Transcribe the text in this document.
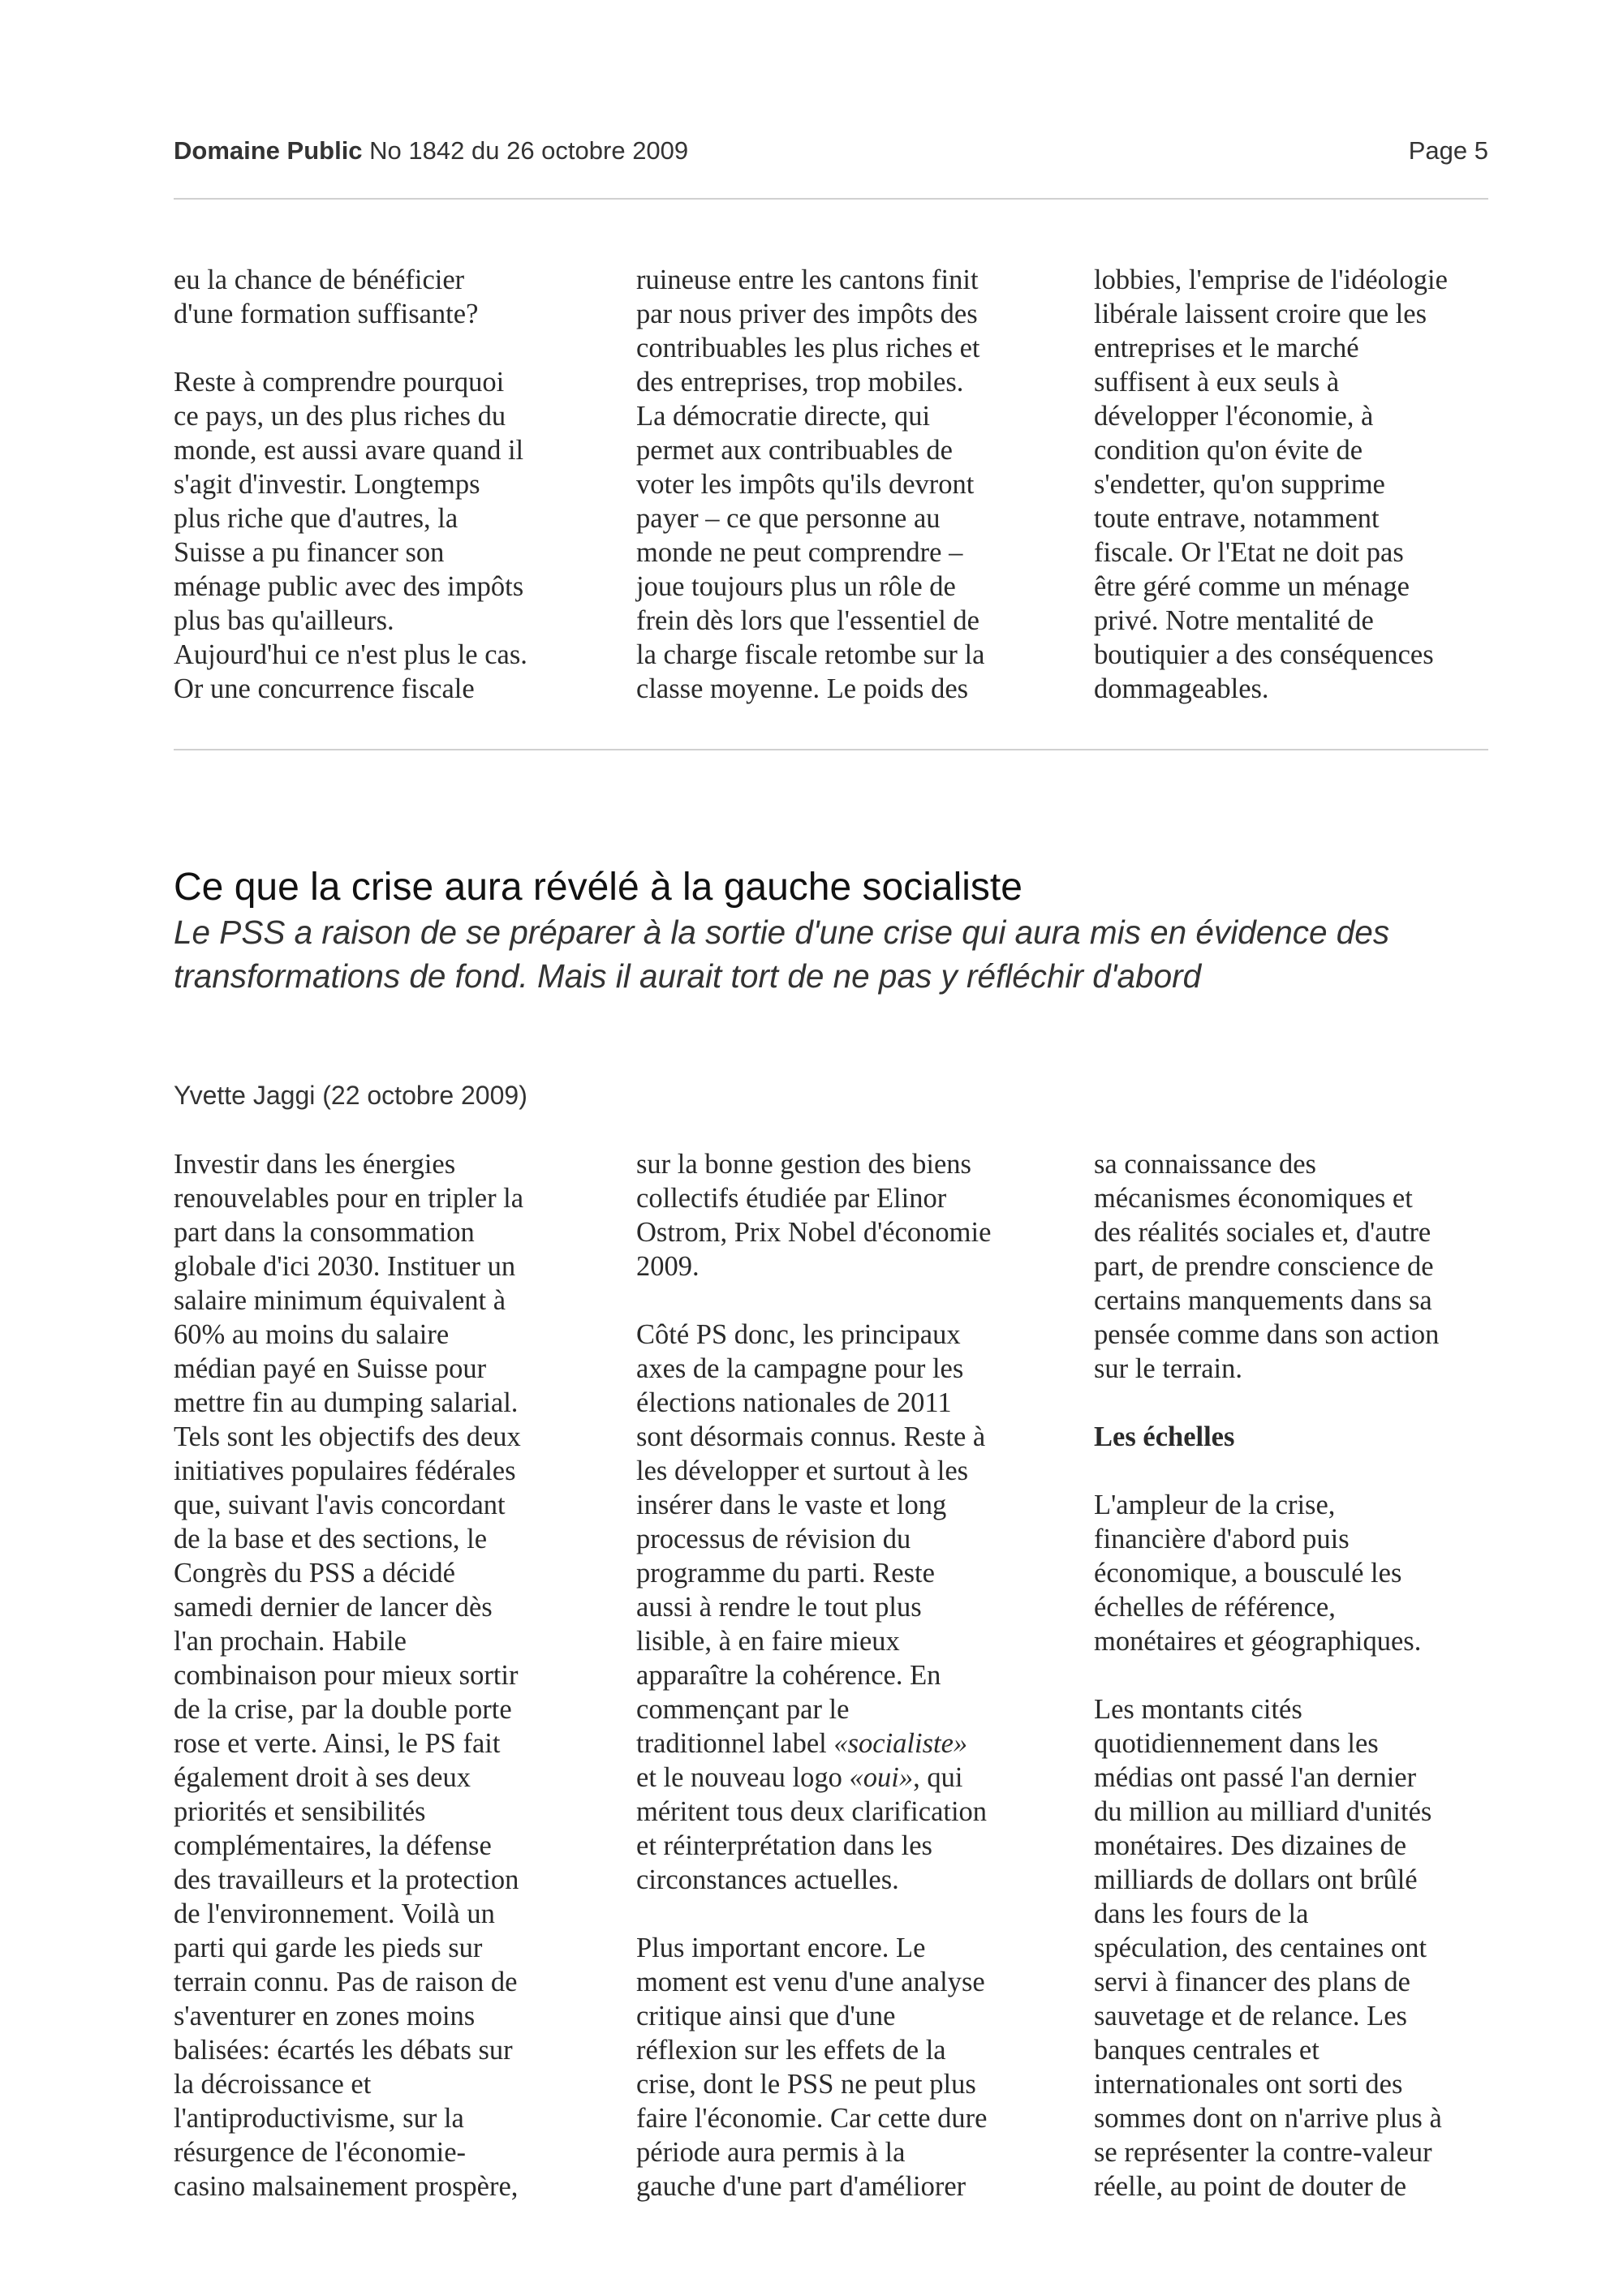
Domaine Public No 1842 du 26 octobre 2009	Page 5

eu la chance de bénéficier
d'une formation suffisante?

Reste à comprendre pourquoi
ce pays, un des plus riches du
monde, est aussi avare quand il
s'agit d'investir. Longtemps
plus riche que d'autres, la
Suisse a pu financer son
ménage public avec des impôts
plus bas qu'ailleurs.
Aujourd'hui ce n'est plus le cas.
Or une concurrence fiscale

ruineuse entre les cantons finit
par nous priver des impôts des
contribuables les plus riches et
des entreprises, trop mobiles.
La démocratie directe, qui
permet aux contribuables de
voter les impôts qu'ils devront
payer – ce que personne au
monde ne peut comprendre –
joue toujours plus un rôle de
frein dès lors que l'essentiel de
la charge fiscale retombe sur la
classe moyenne. Le poids des

lobbies, l'emprise de l'idéologie
libérale laissent croire que les
entreprises et le marché
suffisent à eux seuls à
développer l'économie, à
condition qu'on évite de
s'endetter, qu'on supprime
toute entrave, notamment
fiscale. Or l'Etat ne doit pas
être géré comme un ménage
privé. Notre mentalité de
boutiquier a des conséquences
dommageables.

Ce que la crise aura révélé à la gauche socialiste
Le PSS a raison de se préparer à la sortie d'une crise qui aura mis en évidence des transformations de fond. Mais il aurait tort de ne pas y réfléchir d'abord
Yvette Jaggi (22 octobre 2009)

Investir dans les énergies
renouvelables pour en tripler la
part dans la consommation
globale d'ici 2030. Instituer un
salaire minimum équivalent à
60% au moins du salaire
médian payé en Suisse pour
mettre fin au dumping salarial.
Tels sont les objectifs des deux
initiatives populaires fédérales
que, suivant l'avis concordant
de la base et des sections, le
Congrès du PSS a décidé
samedi dernier de lancer dès
l'an prochain. Habile
combinaison pour mieux sortir
de la crise, par la double porte
rose et verte. Ainsi, le PS fait
également droit à ses deux
priorités et sensibilités
complémentaires, la défense
des travailleurs et la protection
de l'environnement. Voilà un
parti qui garde les pieds sur
terrain connu. Pas de raison de
s'aventurer en zones moins
balisées: écartés les débats sur
la décroissance et
l'antiproductivisme, sur la
résurgence de l'économie-
casino malsainement prospère,

sur la bonne gestion des biens
collectifs étudiée par Elinor
Ostrom, Prix Nobel d'économie
2009.

Côté PS donc, les principaux
axes de la campagne pour les
élections nationales de 2011
sont désormais connus. Reste à
les développer et surtout à les
insérer dans le vaste et long
processus de révision du
programme du parti. Reste
aussi à rendre le tout plus
lisible, à en faire mieux
apparaître la cohérence. En
commençant par le
traditionnel label «socialiste»
et le nouveau logo «oui», qui
méritent tous deux clarification
et réinterprétation dans les
circonstances actuelles.

Plus important encore. Le
moment est venu d'une analyse
critique ainsi que d'une
réflexion sur les effets de la
crise, dont le PSS ne peut plus
faire l'économie. Car cette dure
période aura permis à la
gauche d'une part d'améliorer

sa connaissance des
mécanismes économiques et
des réalités sociales et, d'autre
part, de prendre conscience de
certains manquements dans sa
pensée comme dans son action
sur le terrain.

Les échelles

L'ampleur de la crise,
financière d'abord puis
économique, a bousculé les
échelles de référence,
monétaires et géographiques.

Les montants cités
quotidiennement dans les
médias ont passé l'an dernier
du million au milliard d'unités
monétaires. Des dizaines de
milliards de dollars ont brûlé
dans les fours de la
spéculation, des centaines ont
servi à financer des plans de
sauvetage et de relance. Les
banques centrales et
internationales ont sorti des
sommes dont on n'arrive plus à
se représenter la contre-valeur
réelle, au point de douter de
